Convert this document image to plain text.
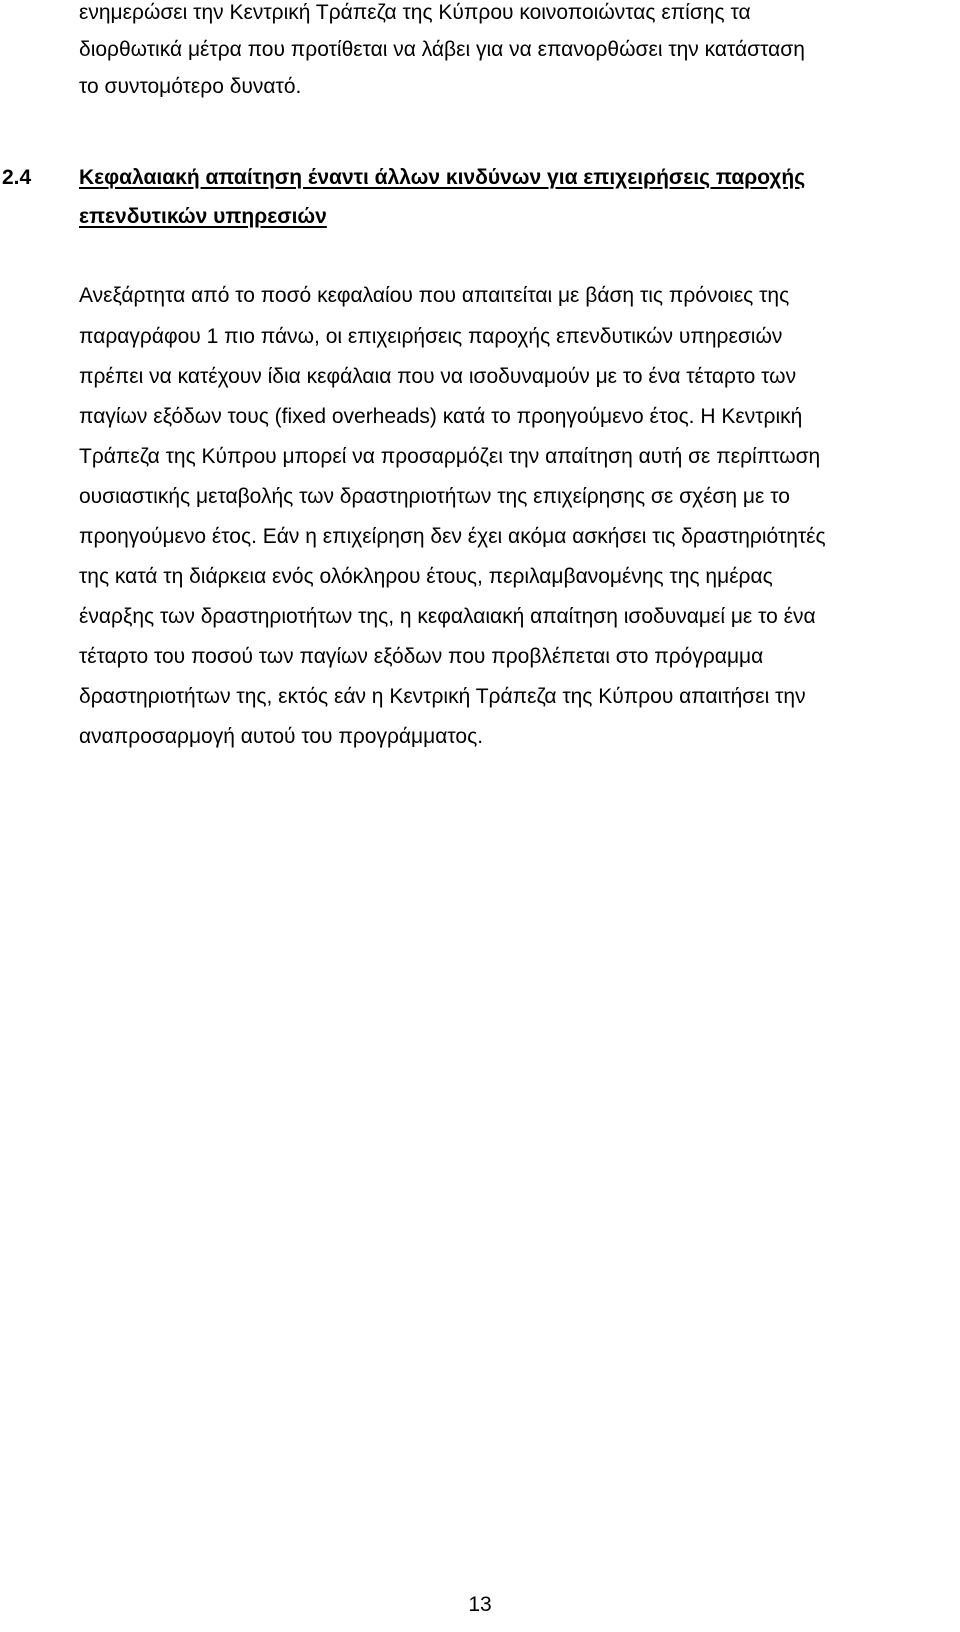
ενημερώσει την Κεντρική Τράπεζα της Κύπρου κοινοποιώντας επίσης τα
διορθωτικά μέτρα που προτίθεται να λάβει για να επανορθώσει την κατάσταση
το συντομότερο δυνατό.
2.4 Κεφαλαιακή απαίτηση έναντι άλλων κινδύνων για επιχειρήσεις παροχής
επενδυτικών υπηρεσιών
Ανεξάρτητα από το ποσό κεφαλαίου που απαιτείται με βάση τις πρόνοιες της
παραγράφου 1 πιο πάνω, οι επιχειρήσεις παροχής επενδυτικών υπηρεσιών
πρέπει να κατέχουν ίδια κεφάλαια που να ισοδυναμούν με το ένα τέταρτο των
παγίων εξόδων τους (fixed overheads) κατά το προηγούμενο έτος. Η Κεντρική
Τράπεζα της Κύπρου μπορεί να προσαρμόζει την απαίτηση αυτή σε περίπτωση
ουσιαστικής μεταβολής των δραστηριοτήτων της επιχείρησης σε σχέση με το
προηγούμενο έτος. Εάν η επιχείρηση δεν έχει ακόμα ασκήσει τις δραστηριότητές
της κατά τη διάρκεια ενός ολόκληρου έτους, περιλαμβανομένης της ημέρας
έναρξης των δραστηριοτήτων της, η κεφαλαιακή απαίτηση ισοδυναμεί με το ένα
τέταρτο του ποσού των παγίων εξόδων που προβλέπεται στο πρόγραμμα
δραστηριοτήτων της, εκτός εάν η Κεντρική Τράπεζα της Κύπρου απαιτήσει την
αναπροσαρμογή αυτού του προγράμματος.
13
